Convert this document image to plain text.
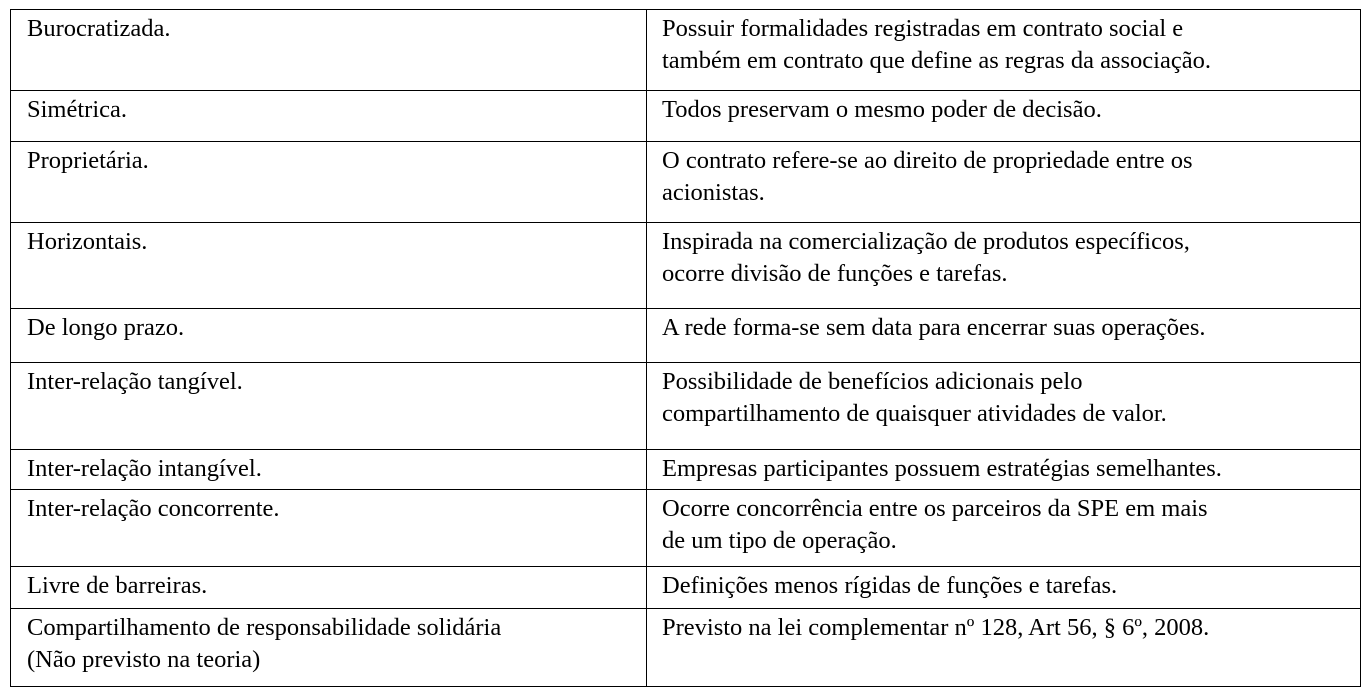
Burocratizada.	Possuir formalidades registradas em contrato social e
também em contrato que define as regras da associação.
Simétrica.	Todos preservam o mesmo poder de decisão.
Proprietária.	O contrato refere-se ao direito de propriedade entre os
acionistas.
Horizontais.	Inspirada na comercialização de produtos específicos,
ocorre divisão de funções e tarefas.
De longo prazo.	A rede forma-se sem data para encerrar suas operações.
Inter-relação tangível.	Possibilidade de benefícios adicionais pelo
compartilhamento de quaisquer atividades de valor.
Inter-relação intangível.	Empresas participantes possuem estratégias semelhantes.
Inter-relação concorrente.	Ocorre concorrência entre os parceiros da SPE em mais
de um tipo de operação.
Livre de barreiras.	Definições menos rígidas de funções e tarefas.
Compartilhamento de responsabilidade solidária
(Não previsto na teoria)	Previsto na lei complementar nº 128, Art 56, § 6º, 2008.
